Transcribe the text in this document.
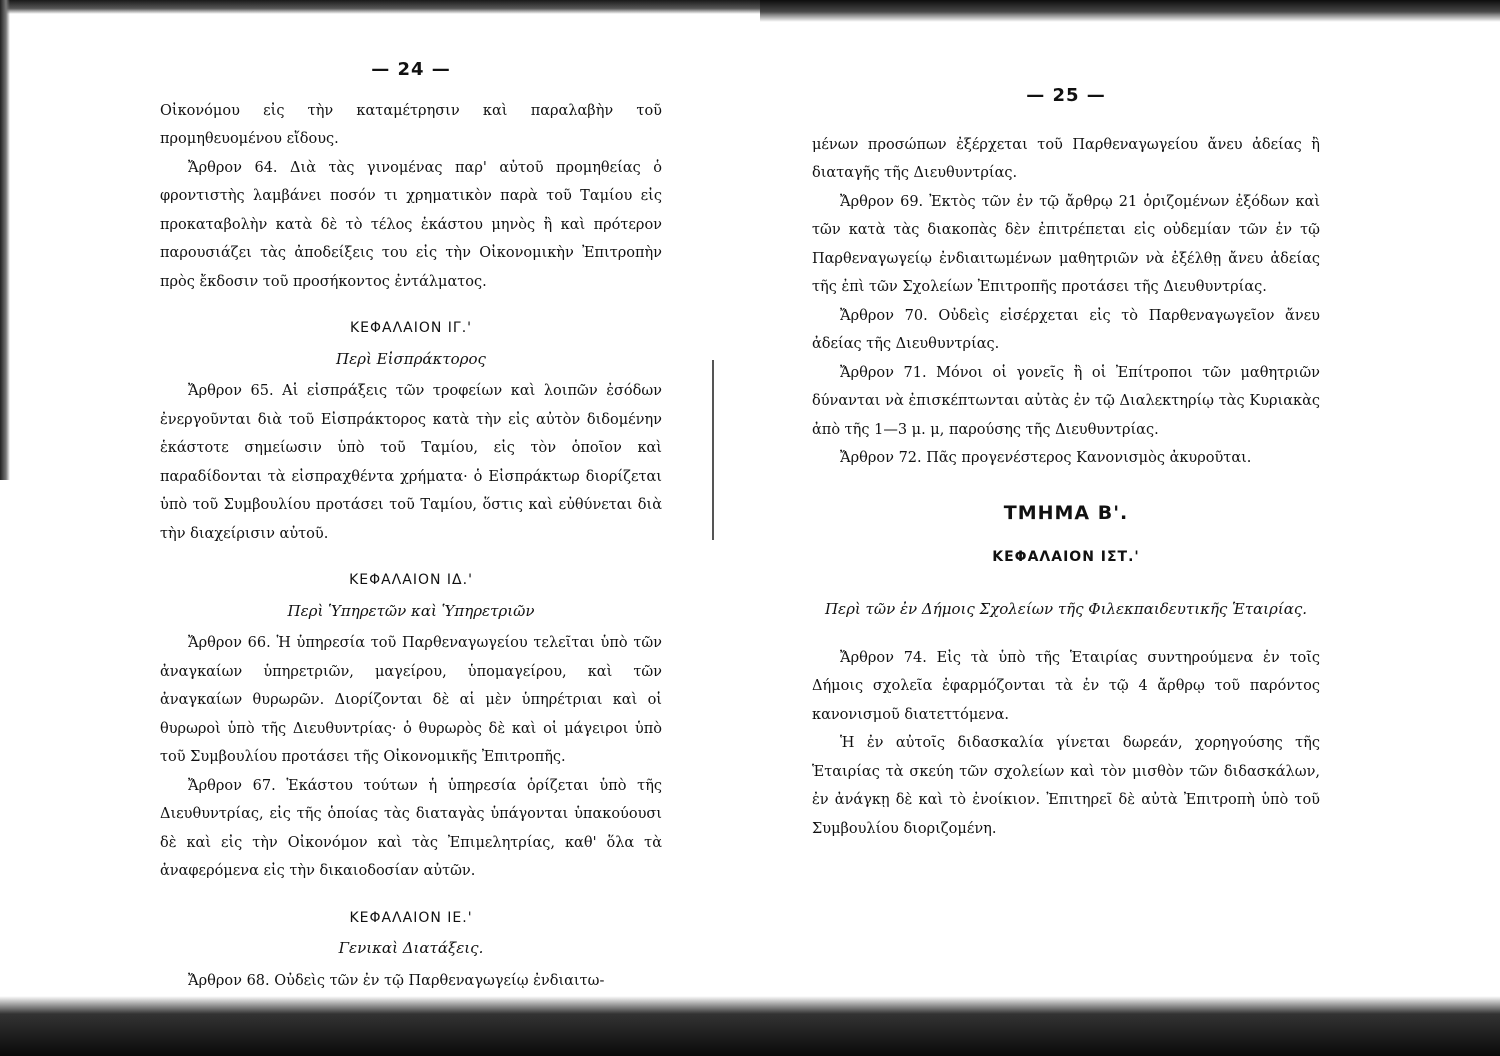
— 24 —

Οἰκονόμου εἰς τὴν καταμέτρησιν καὶ παραλαβὴν τοῦ προμηθευομένου εἴδους.

Ἄρθρον 64. Διὰ τὰς γινομένας παρ' αὐτοῦ προμηθείας ὁ φροντιστὴς λαμβάνει ποσόν τι χρηματικὸν παρὰ τοῦ Ταμίου εἰς προκαταβολὴν κατὰ δὲ τὸ τέλος ἑκάστου μηνὸς ἢ καὶ πρότερον παρουσιάζει τὰς ἀποδείξεις του εἰς τὴν Οἰκονομικὴν Ἐπιτροπὴν πρὸς ἔκδοσιν τοῦ προσήκοντος ἐντάλματος.

ΚΕΦΑΛΑΙΟΝ ΙΓ.'
Περὶ Εἰσπράκτορος

Ἄρθρον 65. Αἱ εἰσπράξεις τῶν τροφείων καὶ λοιπῶν ἐσόδων ἐνεργοῦνται διὰ τοῦ Εἰσπράκτορος κατὰ τὴν εἰς αὐτὸν διδομένην ἑκάστοτε σημείωσιν ὑπὸ τοῦ Ταμίου, εἰς τὸν ὁποῖον καὶ παραδίδονται τὰ εἰσπραχθέντα χρήματα· ὁ Εἰσπράκτωρ διορίζεται ὑπὸ τοῦ Συμβουλίου προτάσει τοῦ Ταμίου, ὅστις καὶ εὐθύνεται διὰ τὴν διαχείρισιν αὐτοῦ.

ΚΕΦΑΛΑΙΟΝ ΙΔ.'
Περὶ Ὑπηρετῶν καὶ Ὑπηρετριῶν

Ἄρθρον 66. Ἡ ὑπηρεσία τοῦ Παρθεναγωγείου τελεῖται ὑπὸ τῶν ἀναγκαίων ὑπηρετριῶν, μαγείρου, ὑπομαγείρου, καὶ τῶν ἀναγκαίων θυρωρῶν. Διορίζονται δὲ αἱ μὲν ὑπηρέτριαι καὶ οἱ θυρωροὶ ὑπὸ τῆς Διευθυντρίας· ὁ θυρωρὸς δὲ καὶ οἱ μάγειροι ὑπὸ τοῦ Συμβουλίου προτάσει τῆς Οἰκονομικῆς Ἐπιτροπῆς.

Ἄρθρον 67. Ἑκάστου τούτων ἡ ὑπηρεσία ὁρίζεται ὑπὸ τῆς Διευθυντρίας, εἰς τῆς ὁποίας τὰς διαταγὰς ὑπάγονται ὑπακούουσι δὲ καὶ εἰς τὴν Οἰκονόμον καὶ τὰς Ἐπιμελητρίας, καθ' ὅλα τὰ ἀναφερόμενα εἰς τὴν δικαιοδοσίαν αὐτῶν.

ΚΕΦΑΛΑΙΟΝ ΙΕ.'
Γενικαὶ Διατάξεις.

Ἄρθρον 68. Οὐδεὶς τῶν ἐν τῷ Παρθεναγωγείῳ ἐνδιαιτω-

— 25 —

μένων προσώπων ἐξέρχεται τοῦ Παρθεναγωγείου ἄνευ ἀδείας ἢ διαταγῆς τῆς Διευθυντρίας.

Ἄρθρον 69. Ἐκτὸς τῶν ἐν τῷ ἄρθρῳ 21 ὁριζομένων ἐξόδων καὶ τῶν κατὰ τὰς διακοπὰς δὲν ἐπιτρέπεται εἰς οὐδεμίαν τῶν ἐν τῷ Παρθεναγωγείῳ ἐνδιαιτωμένων μαθητριῶν νὰ ἐξέλθῃ ἄνευ ἀδείας τῆς ἐπὶ τῶν Σχολείων Ἐπιτροπῆς προτάσει τῆς Διευθυντρίας.

Ἄρθρον 70. Οὐδεὶς εἰσέρχεται εἰς τὸ Παρθεναγωγεῖον ἄνευ ἀδείας τῆς Διευθυντρίας.

Ἄρθρον 71. Μόνοι οἱ γονεῖς ἢ οἱ Ἐπίτροποι τῶν μαθητριῶν δύνανται νὰ ἐπισκέπτωνται αὐτὰς ἐν τῷ Διαλεκτηρίῳ τὰς Κυριακὰς ἀπὸ τῆς 1—3 μ. μ, παρούσης τῆς Διευθυντρίας.

Ἄρθρον 72. Πᾶς προγενέστερος Κανονισμὸς ἀκυροῦται.

ΤΜΗΜΑ Β'.
ΚΕΦΑΛΑΙΟΝ ΙΣΤ.'
Περὶ τῶν ἐν Δήμοις Σχολείων τῆς Φιλεκπαιδευτικῆς Ἑταιρίας.

Ἄρθρον 74. Εἰς τὰ ὑπὸ τῆς Ἑταιρίας συντηρούμενα ἐν τοῖς Δήμοις σχολεῖα ἐφαρμόζονται τὰ ἐν τῷ 4 ἄρθρῳ τοῦ παρόντος κανονισμοῦ διατεττόμενα.

Ἡ ἐν αὐτοῖς διδασκαλία γίνεται δωρεάν, χορηγούσης τῆς Ἑταιρίας τὰ σκεύη τῶν σχολείων καὶ τὸν μισθὸν τῶν διδασκάλων, ἐν ἀνάγκῃ δὲ καὶ τὸ ἐνοίκιον. Ἐπιτηρεῖ δὲ αὐτὰ Ἐπιτροπὴ ὑπὸ τοῦ Συμβουλίου διοριζομένη.
